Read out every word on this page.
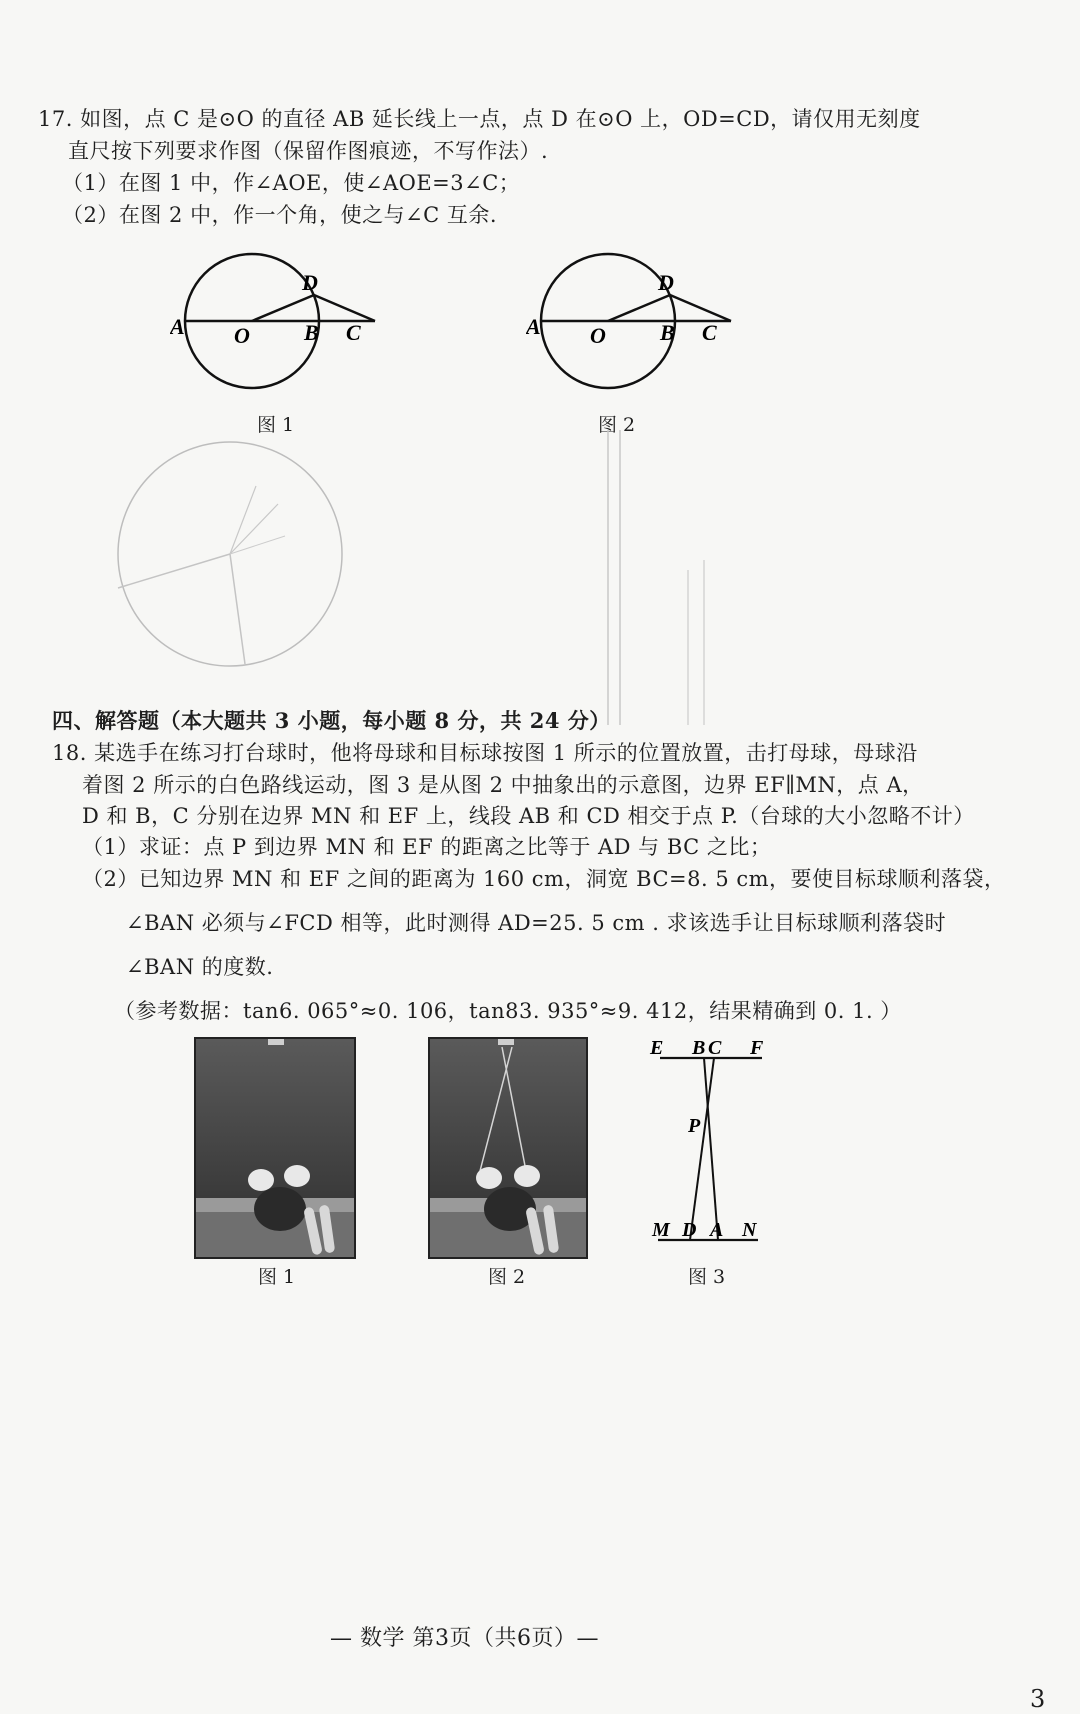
17. 如图，点 C 是⊙O 的直径 AB 延长线上一点，点 D 在⊙O 上，OD=CD，请仅用无刻度
直尺按下列要求作图（保留作图痕迹，不写作法）.
（1）在图 1 中，作∠AOE，使∠AOE=3∠C；
（2）在图 2 中，作一个角，使之与∠C 互余.
A O
D
B C
图 1
A O
D
B C
图 2
四、解答题（本大题共 3 小题，每小题 8 分，共 24 分）
18. 某选手在练习打台球时，他将母球和目标球按图 1 所示的位置放置，击打母球，母球沿
着图 2 所示的白色路线运动，图 3 是从图 2 中抽象出的示意图，边界 EF∥MN，点 A，
D 和 B，C 分别在边界 MN 和 EF 上，线段 AB 和 CD 相交于点 P.（台球的大小忽略不计）
（1）求证：点 P 到边界 MN 和 EF 的距离之比等于 AD 与 BC 之比；
（2）已知边界 MN 和 EF 之间的距离为 160 cm，洞宽 BC=8. 5 cm，要使目标球顺利落袋，
∠BAN 必须与∠FCD 相等，此时测得 AD=25. 5 cm . 求该选手让目标球顺利落袋时
∠BAN 的度数.
（参考数据：tan6. 065°≈0. 106，tan83. 935°≈9. 412，结果精确到 0. 1. ）
图 1	图 2
E B C F
P
M D A N
图 3
— 数学 第3页（共6页）—
3
